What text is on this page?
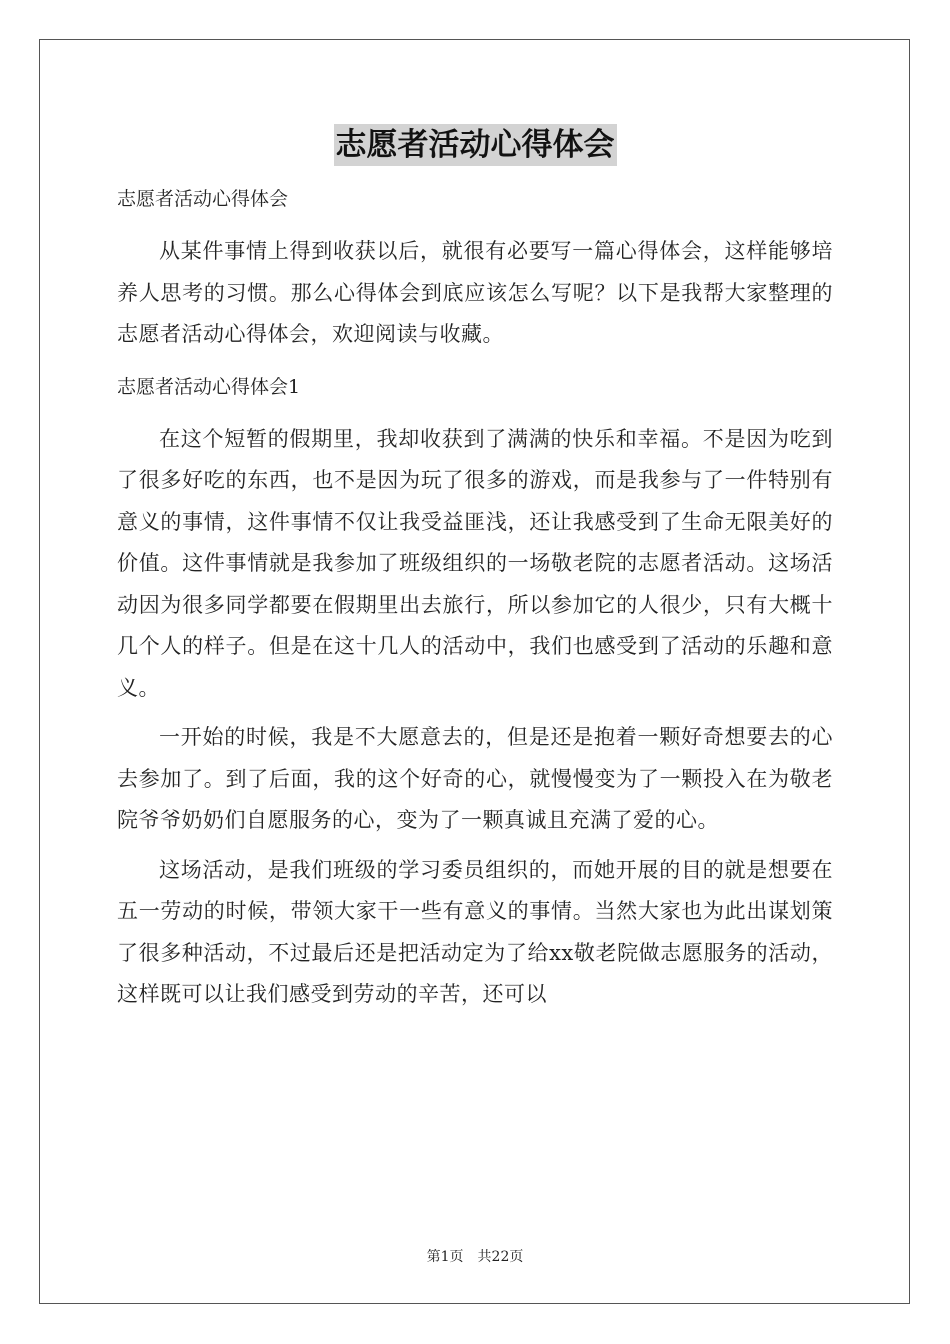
志愿者活动心得体会
志愿者活动心得体会

从某件事情上得到收获以后，就很有必要写一篇心得体会，这样能够培养人思考的习惯。那么心得体会到底应该怎么写呢？以下是我帮大家整理的志愿者活动心得体会，欢迎阅读与收藏。

志愿者活动心得体会1

在这个短暂的假期里，我却收获到了满满的快乐和幸福。不是因为吃到了很多好吃的东西，也不是因为玩了很多的游戏，而是我参与了一件特别有意义的事情，这件事情不仅让我受益匪浅，还让我感受到了生命无限美好的价值。这件事情就是我参加了班级组织的一场敬老院的志愿者活动。这场活动因为很多同学都要在假期里出去旅行，所以参加它的人很少，只有大概十几个人的样子。但是在这十几人的活动中，我们也感受到了活动的乐趣和意义。

一开始的时候，我是不大愿意去的，但是还是抱着一颗好奇想要去的心去参加了。到了后面，我的这个好奇的心，就慢慢变为了一颗投入在为敬老院爷爷奶奶们自愿服务的心，变为了一颗真诚且充满了爱的心。

这场活动，是我们班级的学习委员组织的，而她开展的目的就是想要在五一劳动的时候，带领大家干一些有意义的事情。当然大家也为此出谋划策了很多种活动，不过最后还是把活动定为了给xx敬老院做志愿服务的活动，这样既可以让我们感受到劳动的辛苦，还可以

第1页 共22页
